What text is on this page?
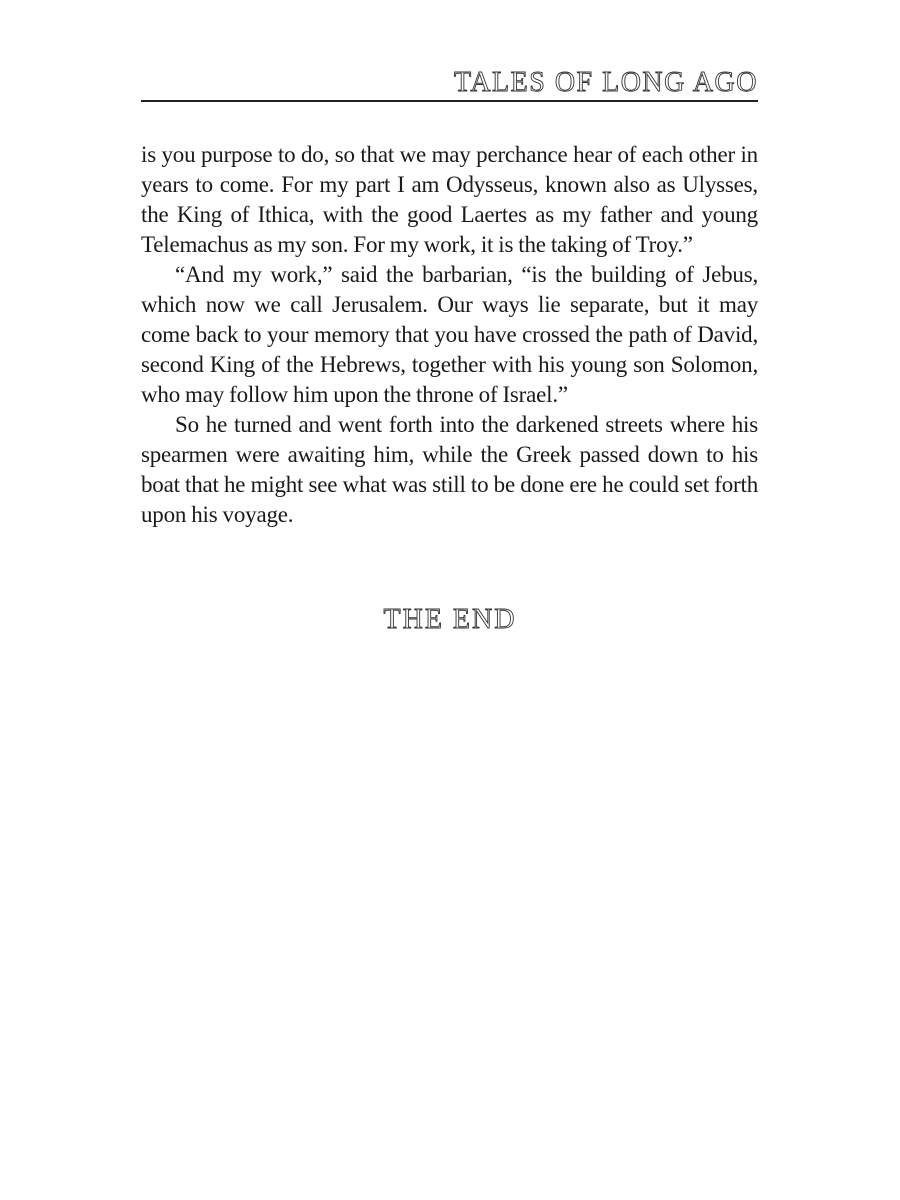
TALES OF LONG AGO

is you purpose to do, so that we may perchance hear of each other in years to come. For my part I am Odysseus, known also as Ulysses, the King of Ithica, with the good Laertes as my father and young Telemachus as my son. For my work, it is the taking of Troy.”

“And my work,” said the barbarian, “is the building of Jebus, which now we call Jerusalem. Our ways lie separate, but it may come back to your memory that you have crossed the path of David, second King of the Hebrews, together with his young son Solomon, who may follow him upon the throne of Israel.”

So he turned and went forth into the darkened streets where his spearmen were awaiting him, while the Greek passed down to his boat that he might see what was still to be done ere he could set forth upon his voyage.

THE END
